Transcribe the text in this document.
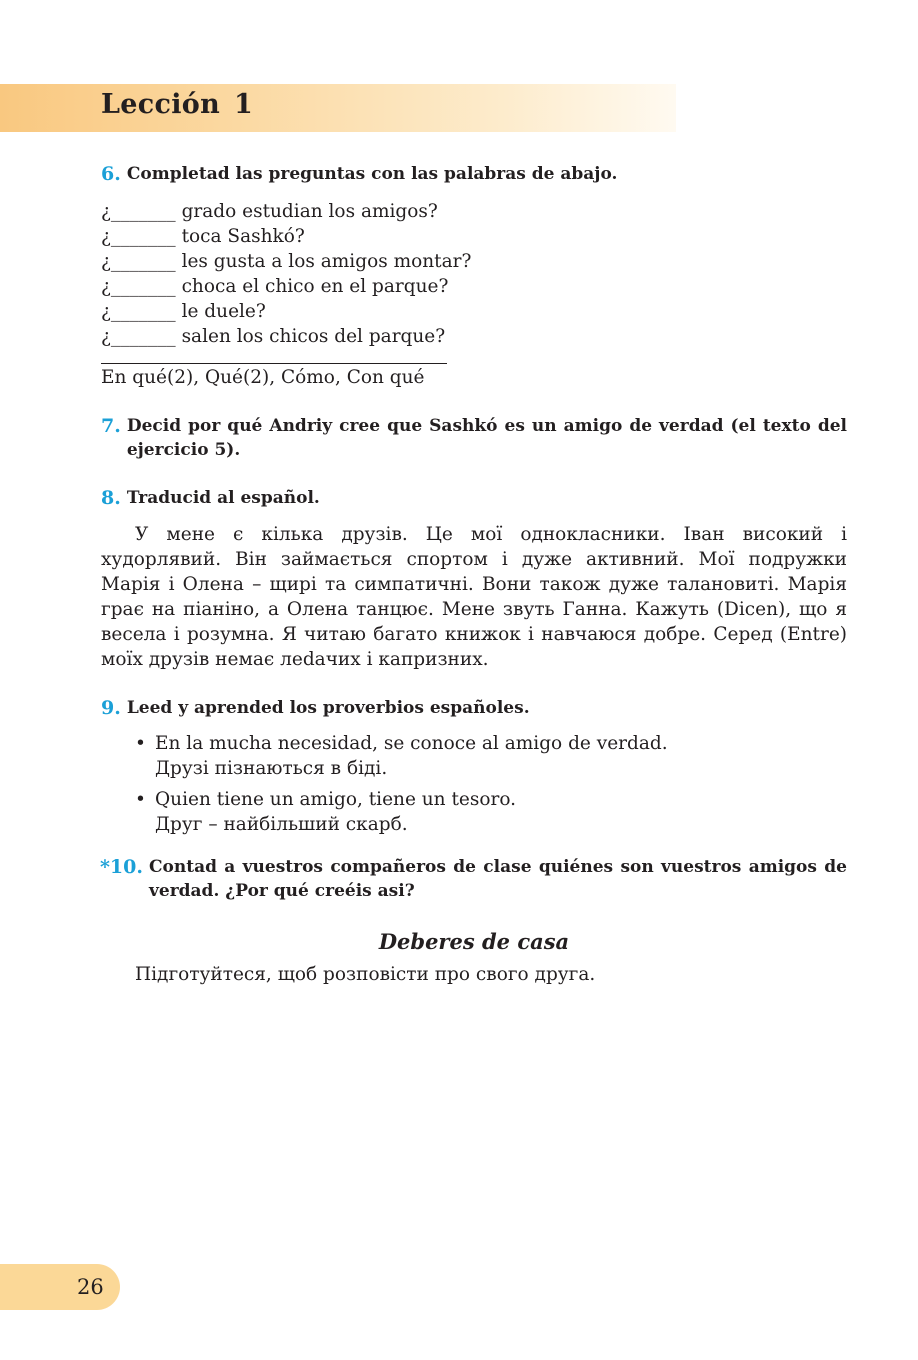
Lección 1
6. Completad las preguntas con las palabras de abajo.
¿_______ grado estudian los amigos?
¿_______ toca Sashkó?
¿_______ les gusta a los amigos montar?
¿_______ choca el chico en el parque?
¿_______ le duele?
¿_______ salen los chicos del parque?
En qué(2), Qué(2), Cómo, Con qué
7. Decid por qué Andriy cree que Sashkó es un amigo de verdad (el texto del ejercicio 5).
8. Traducid al español.

У мене є кілька друзів. Це мої однокласники. Іван високий і худорлявий. Він займається спортом і дуже активний. Мої подружки Марія і Олена – щирі та симпатичні. Вони також дуже талановиті. Марія грає на піаніно, а Олена танцює. Мене звуть Ганна. Кажуть (Dicen), що я весела і розумна. Я читаю багато книжок і навчаюся добре. Серед (Entre) моїх друзів немає леdачих і капризних.

9. Leed y aprended los proverbios españoles.
• En la mucha necesidad, se conoce al amigo de verdad.
Друзі пізнаються в біді.
• Quien tiene un amigo, tiene un tesoro.
Друг – найбільший скарб.
*10. Contad a vuestros compañeros de clase quiénes son vuestros amigos de verdad. ¿Por qué creéis asi?
Deberes de casa
Підготуйтеся, щоб розповісти про свого друга.
26
